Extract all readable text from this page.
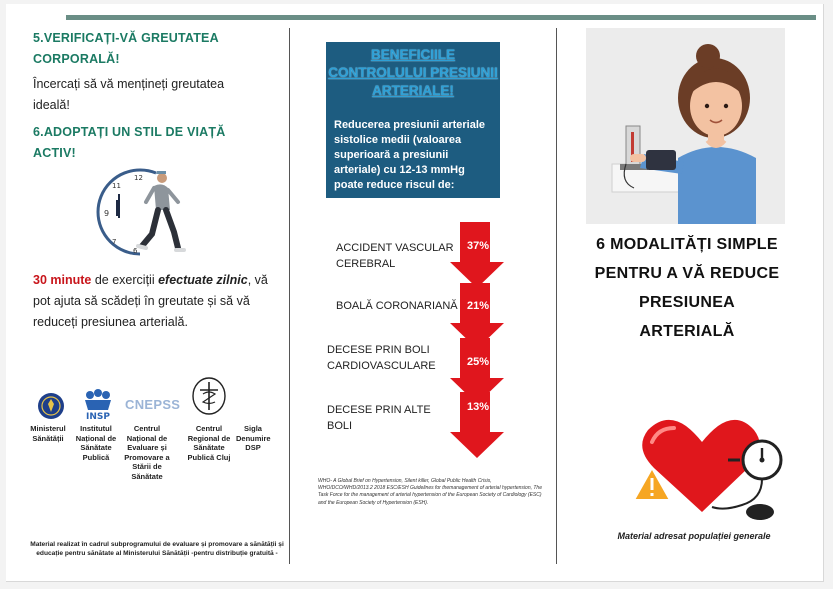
5.VERIFICAȚI-VĂ GREUTATEA CORPORALĂ!
Încercați să vă mențineți greutatea ideală!
6.ADOPTAȚI UN STIL DE VIAȚĂ ACTIV!
9
11
12
7
6
30 minute de exerciții efectuate zilnic, vă pot ajuta să scădeți în greutate și să vă reduceți presiunea arterială.
Ministerul Sănătății
INSP
Institutul Național de Sănătate Publică
CNEPSS
Centrul Național de Evaluare și Promovare a Stării de Sănătate
Centrul Regional de Sănătate Publică Cluj
Sigla Denumire DSP
Material realizat în cadrul subprogramului de evaluare și promovare a sănătății și educație pentru sănătate al Ministerului Sănătății -pentru distribuție gratuită -
BENEFICIILE CONTROLULUI PRESIUNII ARTERIALE!
Reducerea presiunii arteriale sistolice medii (valoarea superioară a presiunii arteriale) cu 12-13 mmHg poate reduce riscul de:
ACCIDENT VASCULAR CEREBRAL
BOALĂ CORONARIANĂ
DECESE PRIN BOLI CARDIOVASCULARE
DECESE PRIN ALTE BOLI
37%
21%
25%
13%
WHO- A Global Brief on Hypertension, Silent killer, Global Public Health Crisis, WHO/DCO/WHD/2013.2 2018 ESC/ESH Guidelines for themanagement of arterial hypertension, The Task Force for the management of arterial hypertension of the European Society of Cardiology (ESC) and the European Society of Hypertension (ESH).
6 MODALITĂȚI SIMPLE PENTRU A VĂ REDUCE PRESIUNEA ARTERIALĂ
Material adresat populației generale
